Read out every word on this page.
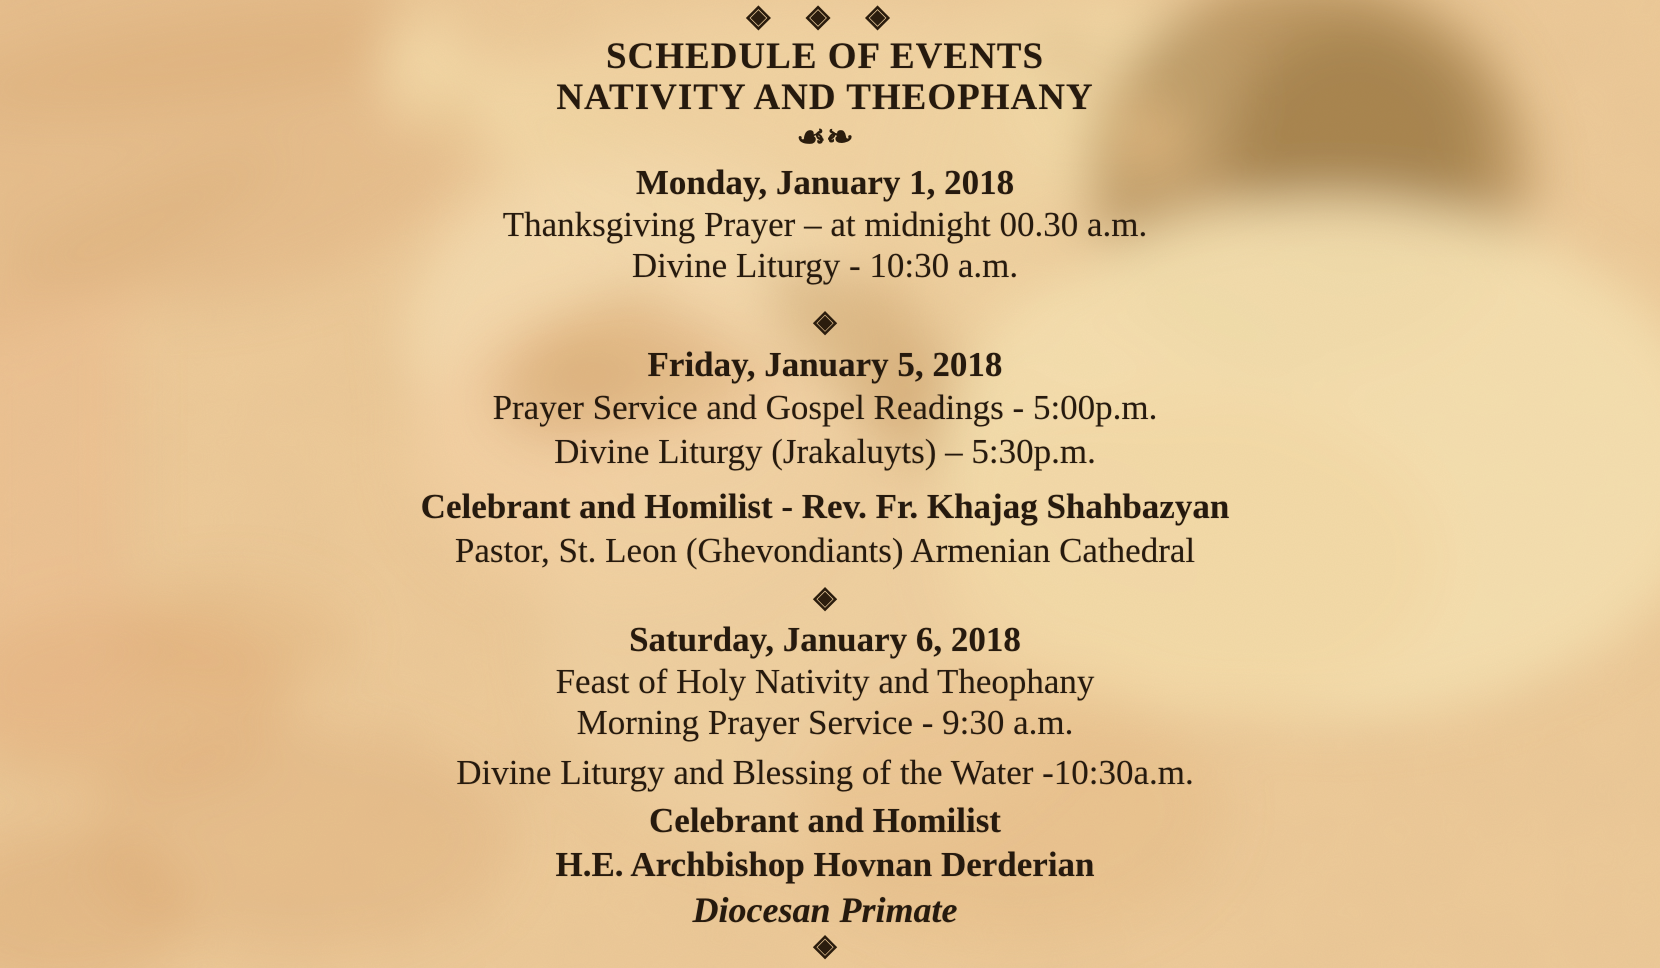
◈ ◈ ◈
SCHEDULE OF EVENTS
NATIVITY AND THEOPHANY
☙❧
Monday, January 1, 2018
Thanksgiving Prayer – at midnight 00.30 a.m.
Divine Liturgy - 10:30 a.m.
◈
Friday, January 5, 2018
Prayer Service and Gospel Readings - 5:00p.m.
Divine Liturgy (Jrakaluyts) – 5:30p.m.
Celebrant and Homilist - Rev. Fr. Khajag Shahbazyan
Pastor, St. Leon (Ghevondiants) Armenian Cathedral
◈
Saturday, January 6, 2018
Feast of Holy Nativity and Theophany
Morning Prayer Service - 9:30 a.m.
Divine Liturgy and Blessing of the Water -10:30a.m.
Celebrant and Homilist
H.E. Archbishop Hovnan Derderian
Diocesan Primate
◈
